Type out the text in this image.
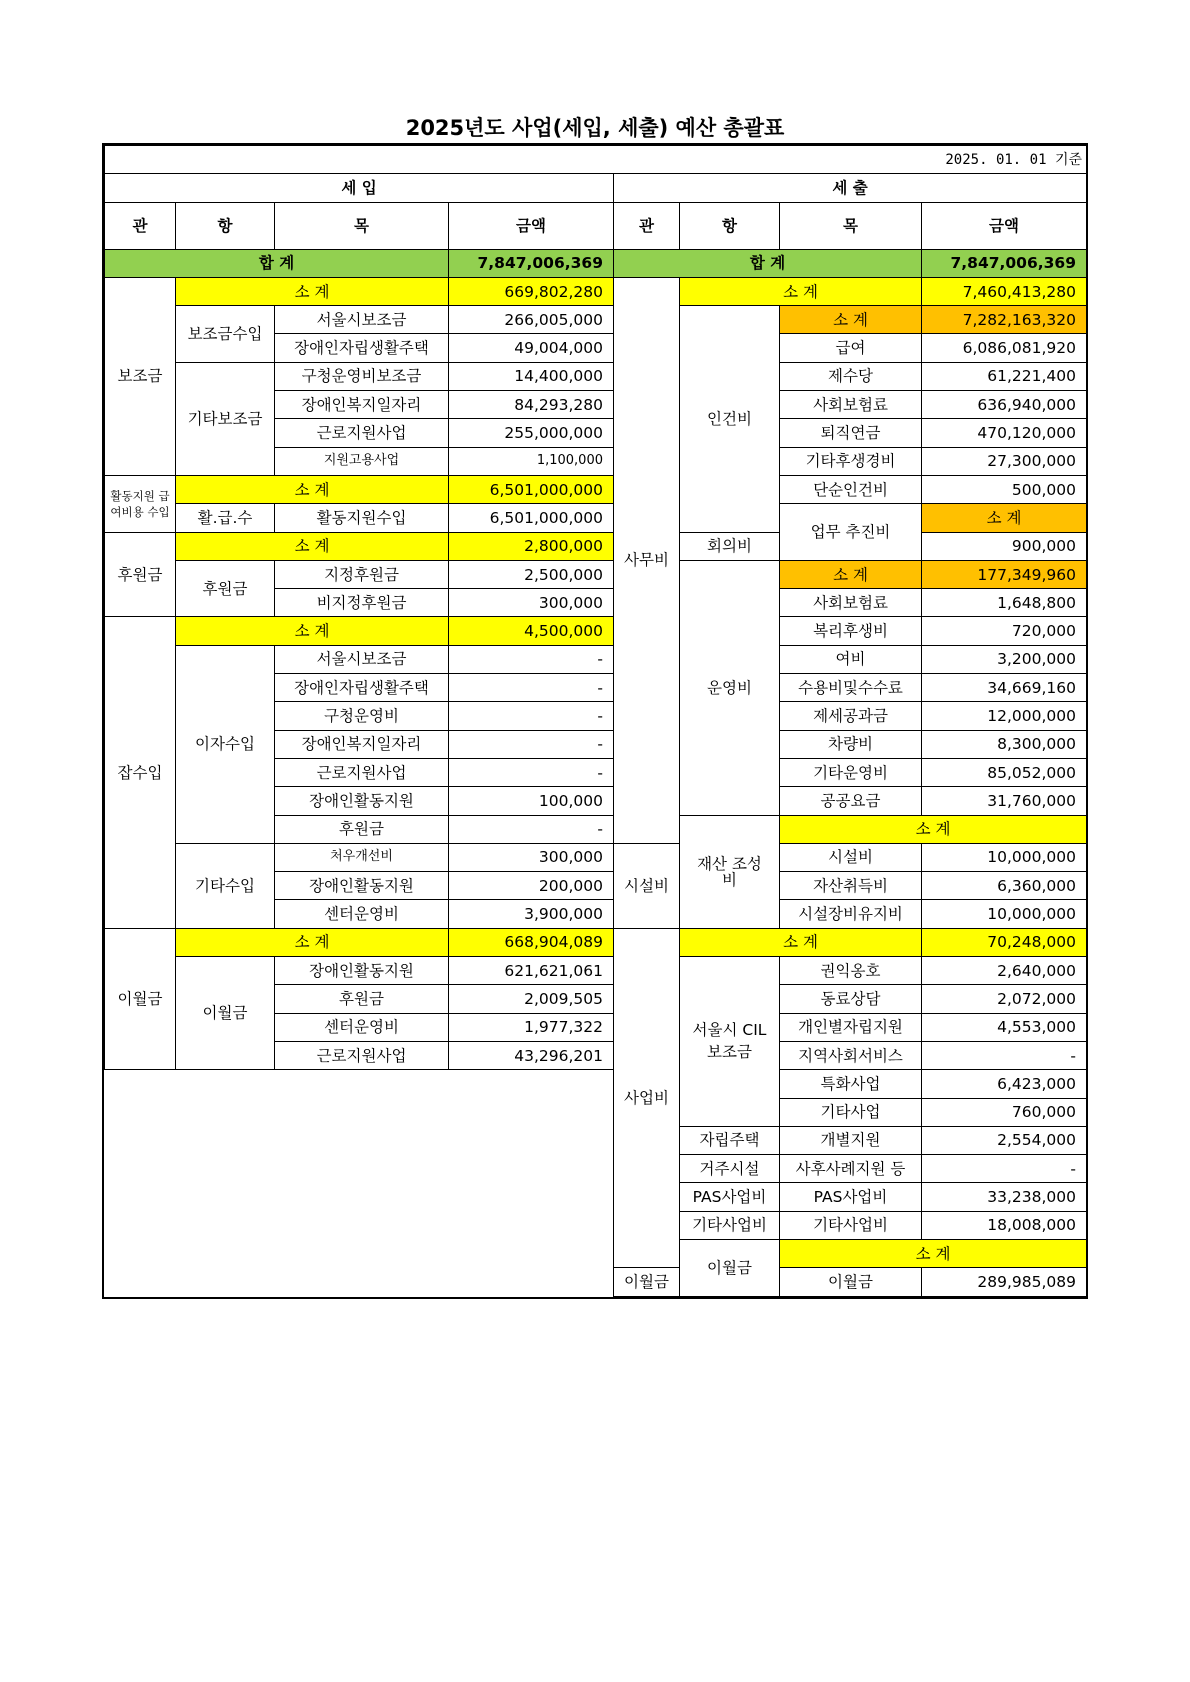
2025년도 사업(세입, 세출) 예산 총괄표
2025. 01. 01 기준								
세 입				세 출				
관	항	목	금액	관	항	목	금액	
합 계			7,847,006,369	합 계			7,847,006,369	
보조금	소 계		669,802,280	사무비	소 계		7,460,413,280	
	보조금수입	서울시보조금	266,005,000		인건비	소 계	7,282,163,320	
		장애인자립생활주택	49,004,000			급여	6,086,081,920	
	기타보조금	구청운영비보조금	14,400,000			제수당	61,221,400	
		장애인복지일자리	84,293,280			사회보험료	636,940,000	
		근로지원사업	255,000,000			퇴직연금	470,120,000	
		지원고용사업	1,100,000			기타후생경비	27,300,000	
활동지원 급여비용 수입	소 계		6,501,000,000			단순인건비	500,000	
	활.급.수	활동지원수입	6,501,000,000			업무 추진비	소 계	
후원금	소 계		2,800,000		회의비		900,000	
	후원금	지정후원금	2,500,000		운영비	소 계	177,349,960	
		비지정후원금	300,000			사회보험료	1,648,800	
잡수입	소 계		4,500,000			복리후생비	720,000	
	이자수입	서울시보조금	-			여비	3,200,000	
		장애인자립생활주택	-			수용비및수수료	34,669,160	
		구청운영비	-			제세공과금	12,000,000	
		장애인복지일자리	-			차량비	8,300,000	
		근로지원사업	-			기타운영비	85,052,000	
		장애인활동지원	100,000			공공요금	31,760,000	
		후원금	-		재산 조성비	소 계	
	기타수입	처우개선비	300,000	시설비		시설비	10,000,000	
		장애인활동지원	200,000			자산취득비	6,360,000	
		센터운영비	3,900,000			시설장비유지비	10,000,000	
이월금	소 계		668,904,089	사업비	소 계		70,248,000	
	이월금	장애인활동지원	621,621,061		서울시 CIL 보조금	권익옹호	2,640,000	
		후원금	2,009,505			동료상담	2,072,000	
		센터운영비	1,977,322			개인별자립지원	4,553,000	
		근로지원사업	43,296,201			지역사회서비스	-	
						특화사업	6,423,000	
						기타사업	760,000	
					자립주택	개별지원	2,554,000	
					거주시설	사후사례지원 등	-	
					PAS사업비	PAS사업비	33,238,000	
					기타사업비	기타사업비	18,008,000	
					이월금	소 계	
				이월금		이월금	289,985,089	
